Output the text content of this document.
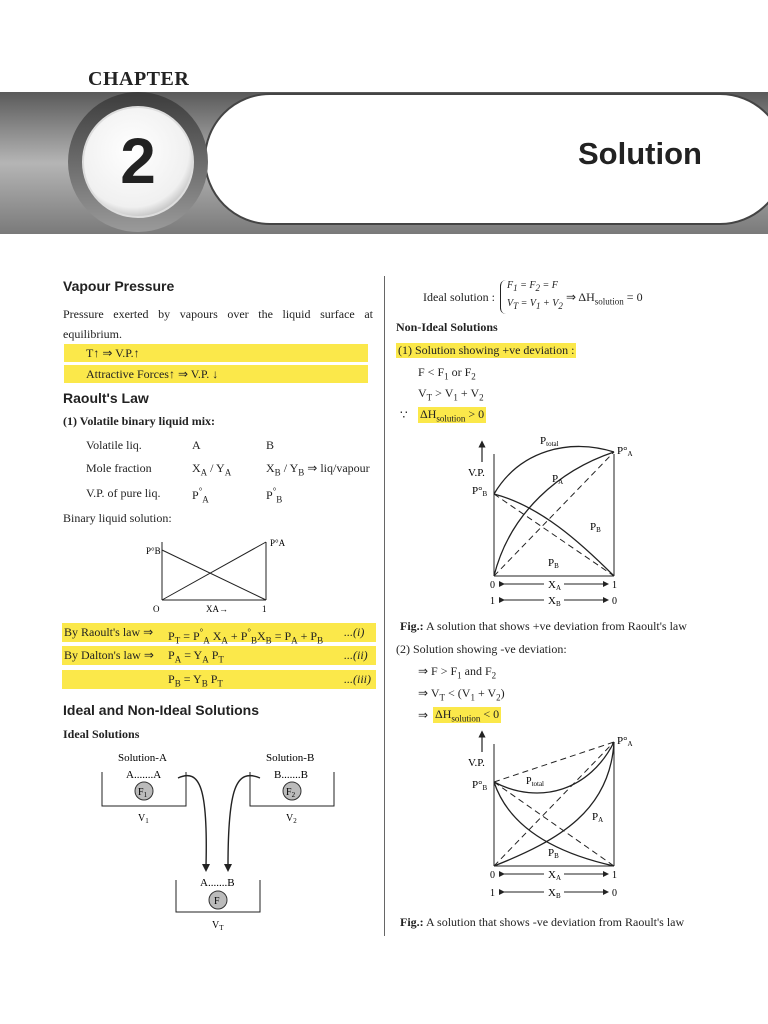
CHAPTER
2	Solution
Vapour Pressure
Pressure exerted by vapours over the liquid surface at equilibrium.
T↑ ⇒ V.P.↑
Attractive Forces↑ ⇒ V.P. ↓
Raoult's Law
(1) Volatile binary liquid mix:
Volatile liq.	A	B
Mole fraction	$X_A / Y_A$	$X_B / Y_B$ ⇒ liq/vapour
V.P. of pure liq.	$P^\circ_A$	$P^\circ_B$
Binary liquid solution:
P°B
P°A
O	1
XA→
By Raoult's law ⇒ $P_T = P^\circ_A$ $X_A + P^\circ_BX_B = P_A + P_B$
...(i)
By Dalton's law ⇒ $P_A = Y_A$ $P_T$	...(ii)
$P_B = Y_B$ $P_T$	...(iii)
Ideal and Non-Ideal Solutions
Ideal Solutions
Solution-A	Solution-B
A.......A	B.......B
$F_1$	$F_2$
$V_1$	$V_2$
A.......B
F
$V_T$
Ideal solution :
$F_1 = F_2 = F$
$V_T = V_1 + V_2$
⇒ $\Delta H_{solution} = 0$
Non-Ideal Solutions
(1) Solution showing +ve deviation :
$F < F_1$ or $F_2$
$V_T > V_1 + V_2$
∵ $\Delta H_{solution} > 0$
V.P.
Ptotal
P°A
P°B
PA
PB
PB
0	1
XA
1	0
XB
Fig.: A solution that shows +ve deviation from Raoult's law
(2) Solution showing -ve deviation:
⇒ $F > F_1$ and $F_2$
⇒ $V_T < (V_1 + V_2)$
⇒ $\Delta H_{solution} < 0$
V.P.
$P_{total}$
P°A
P°B
PA
PB
0	1
XA
1	0
XB
Fig.: A solution that shows -ve deviation from Raoult's law
